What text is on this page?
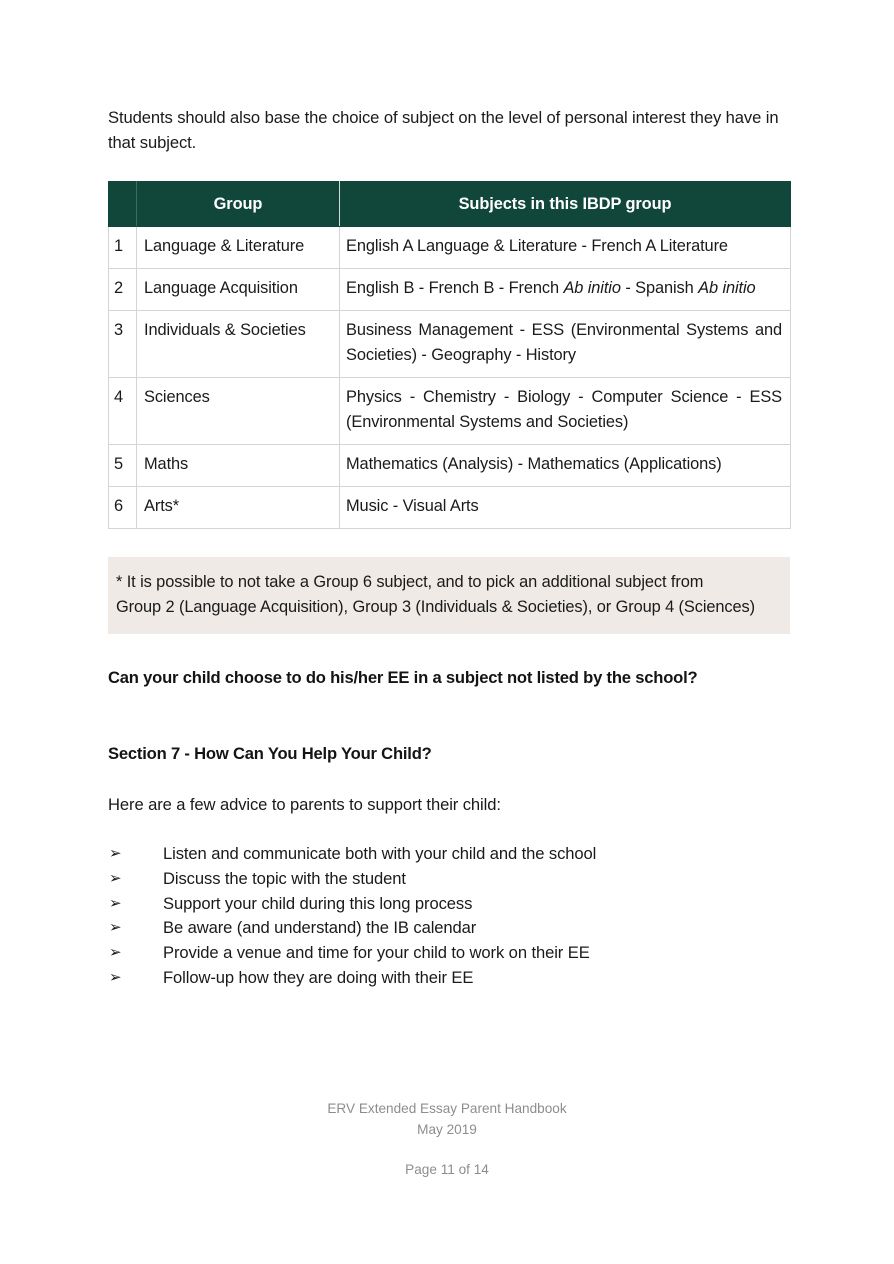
Students should also base the choice of subject on the level of personal interest they have in that subject.

	Group	Subjects in this IBDP group
1	Language & Literature	English A Language & Literature - French A Literature
2	Language Acquisition	English B - French B - French Ab initio - Spanish Ab initio
3	Individuals & Societies	Business Management - ESS (Environmental Systems and Societies) - Geography - History
4	Sciences	Physics - Chemistry - Biology - Computer Science - ESS (Environmental Systems and Societies)
5	Maths	Mathematics (Analysis) - Mathematics (Applications)
6	Arts*	Music - Visual Arts
* It is possible to not take a Group 6 subject, and to pick an additional subject from
Group 2 (Language Acquisition), Group 3 (Individuals & Societies), or Group 4 (Sciences)

Can your child choose to do his/her EE in a subject not listed by the school?

Section 7 - How Can You Help Your Child?

Here are a few advice to parents to support their child:

➢	Listen and communicate both with your child and the school
➢	Discuss the topic with the student
➢	Support your child during this long process
➢	Be aware (and understand) the IB calendar
➢	Provide a venue and time for your child to work on their EE
➢	Follow-up how they are doing with their EE
ERV Extended Essay Parent Handbook
May 2019
Page 11 of 14
